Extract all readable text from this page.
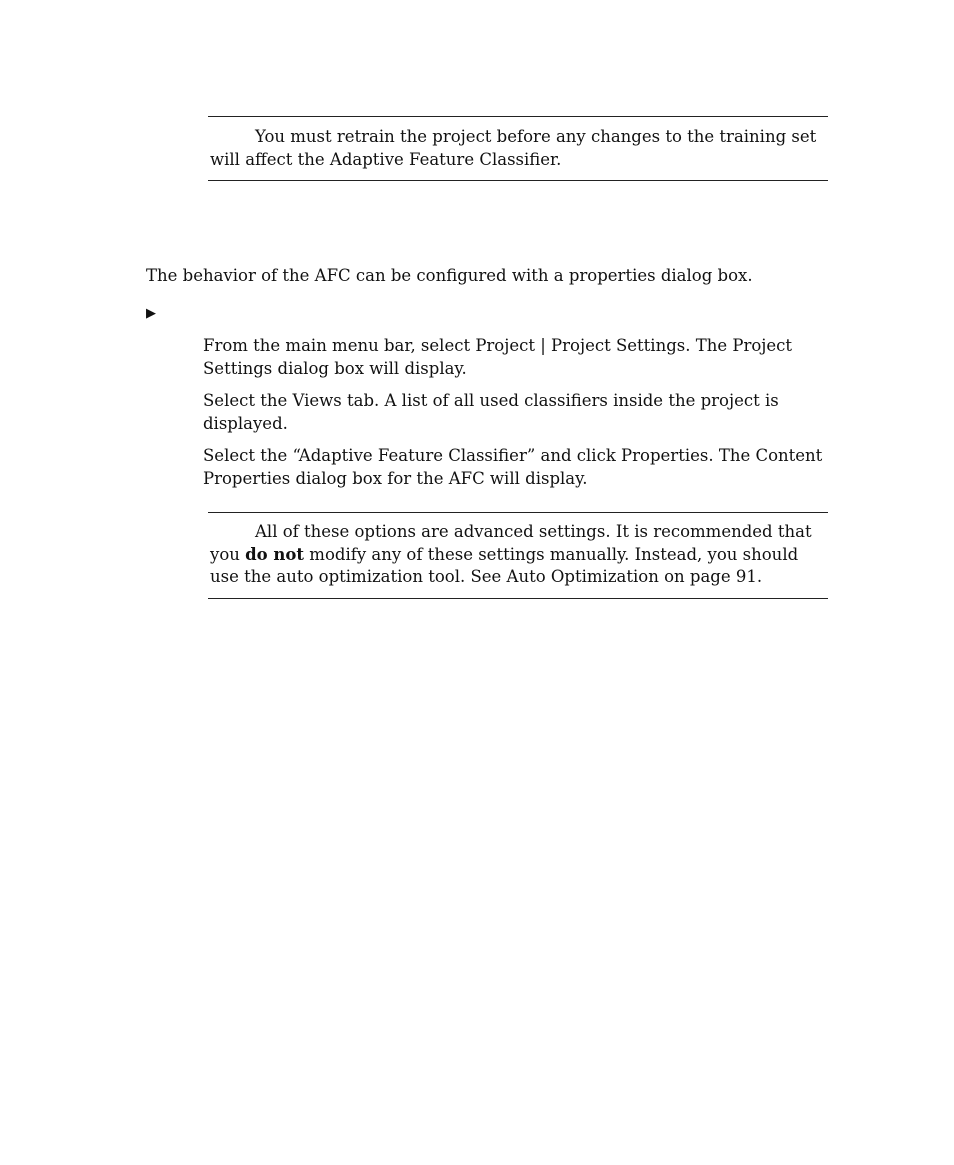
You must retrain the project before any changes to the training set will affect the Adaptive Feature Classifier.
The behavior of the AFC can be configured with a properties dialog box.
▶
From the main menu bar, select Project | Project Settings. The Project Settings dialog box will display.
Select the Views tab. A list of all used classifiers inside the project is displayed.
Select the “Adaptive Feature Classifier” and click Properties. The Content Properties dialog box for the AFC will display.
All of these options are advanced settings. It is recommended that you do not modify any of these settings manually. Instead, you should use the auto optimization tool. See Auto Optimization on page 91.
